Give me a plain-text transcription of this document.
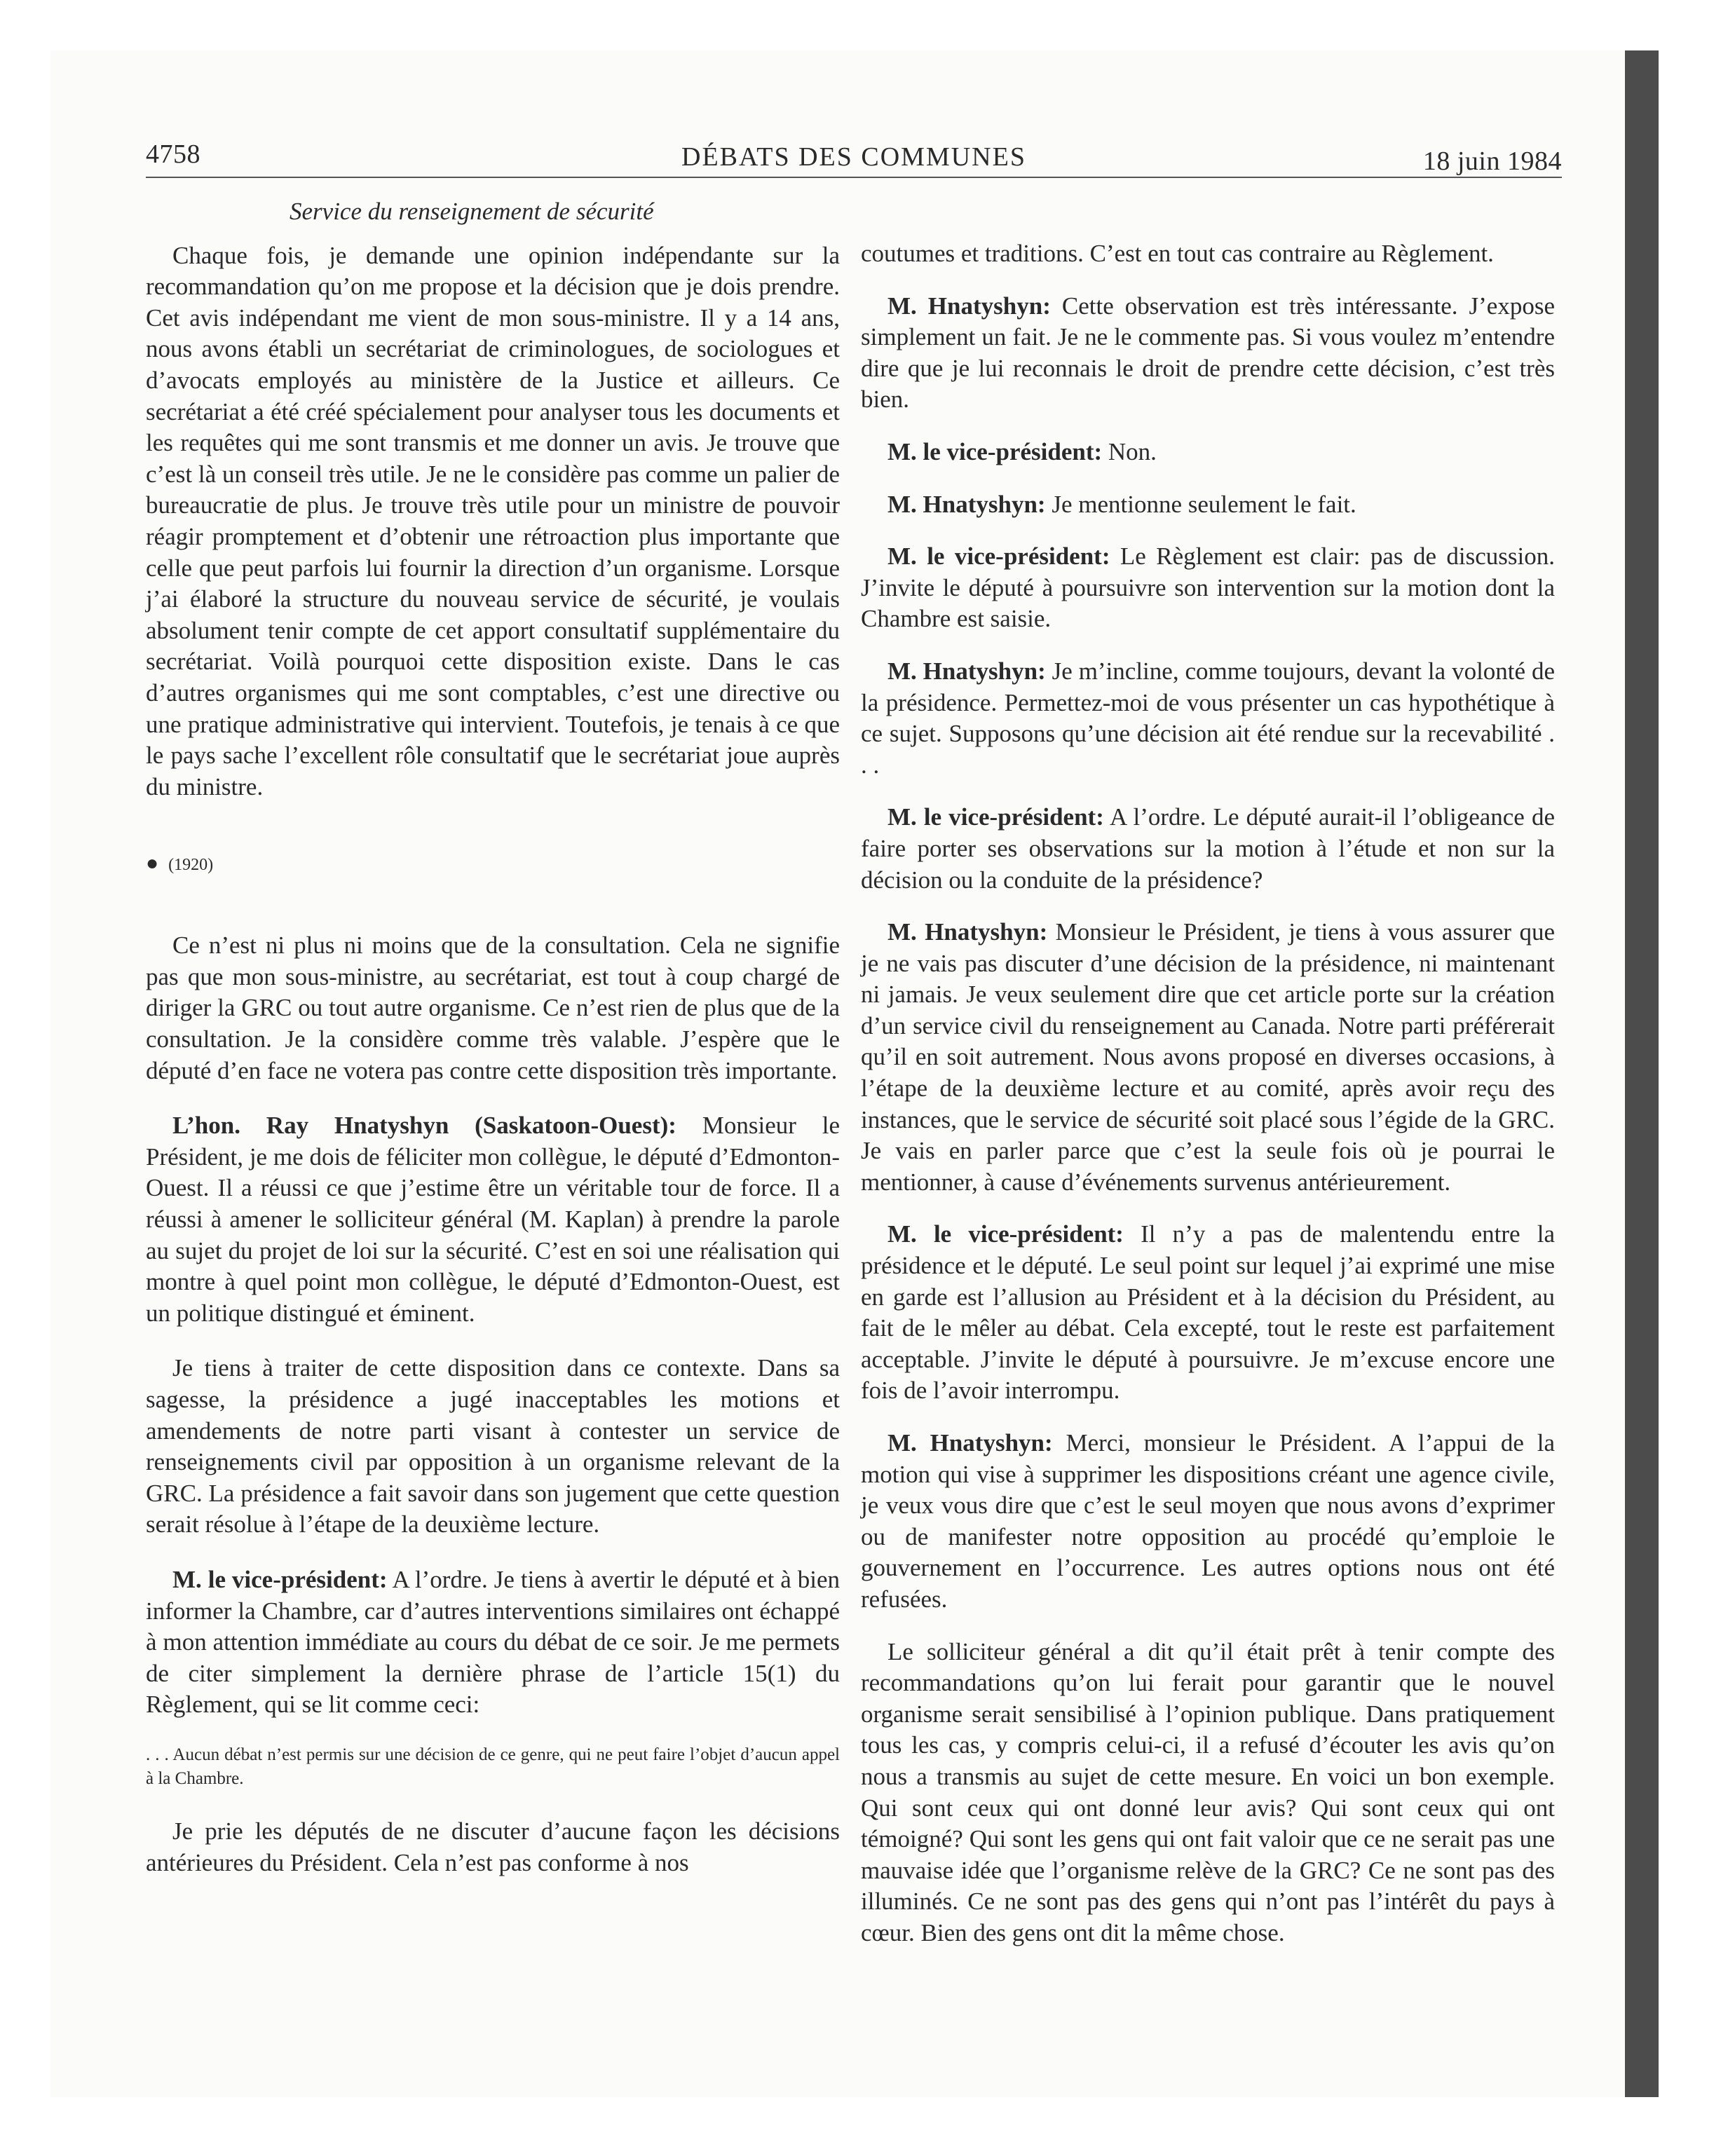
4758	DÉBATS DES COMMUNES	18 juin 1984
Service du renseignement de sécurité

Chaque fois, je demande une opinion indépendante sur la recommandation qu’on me propose et la décision que je dois prendre. Cet avis indépendant me vient de mon sous-ministre. Il y a 14 ans, nous avons établi un secrétariat de criminologues, de sociologues et d’avocats employés au ministère de la Justice et ailleurs. Ce secrétariat a été créé spécialement pour analyser tous les documents et les requêtes qui me sont transmis et me donner un avis. Je trouve que c’est là un conseil très utile. Je ne le considère pas comme un palier de bureaucratie de plus. Je trouve très utile pour un ministre de pouvoir réagir promptement et d’obtenir une rétroaction plus importante que celle que peut parfois lui fournir la direction d’un organisme. Lorsque j’ai élaboré la structure du nouveau service de sécurité, je voulais absolument tenir compte de cet apport consultatif supplémentaire du secrétariat. Voilà pourquoi cette disposition existe. Dans le cas d’autres organismes qui me sont comptables, c’est une directive ou une pratique administrative qui intervient. Toutefois, je tenais à ce que le pays sache l’excellent rôle consultatif que le secrétariat joue auprès du ministre.

● (1920)

Ce n’est ni plus ni moins que de la consultation. Cela ne signifie pas que mon sous-ministre, au secrétariat, est tout à coup chargé de diriger la GRC ou tout autre organisme. Ce n’est rien de plus que de la consultation. Je la considère comme très valable. J’espère que le député d’en face ne votera pas contre cette disposition très importante.

L’hon. Ray Hnatyshyn (Saskatoon-Ouest): Monsieur le Président, je me dois de féliciter mon collègue, le député d’Edmonton-Ouest. Il a réussi ce que j’estime être un véritable tour de force. Il a réussi à amener le solliciteur général (M. Kaplan) à prendre la parole au sujet du projet de loi sur la sécurité. C’est en soi une réalisation qui montre à quel point mon collègue, le député d’Edmonton-Ouest, est un politique distingué et éminent.

Je tiens à traiter de cette disposition dans ce contexte. Dans sa sagesse, la présidence a jugé inacceptables les motions et amendements de notre parti visant à contester un service de renseignements civil par opposition à un organisme relevant de la GRC. La présidence a fait savoir dans son jugement que cette question serait résolue à l’étape de la deuxième lecture.

M. le vice-président: A l’ordre. Je tiens à avertir le député et à bien informer la Chambre, car d’autres interventions similaires ont échappé à mon attention immédiate au cours du débat de ce soir. Je me permets de citer simplement la dernière phrase de l’article 15(1) du Règlement, qui se lit comme ceci:

. . . Aucun débat n’est permis sur une décision de ce genre, qui ne peut faire l’objet d’aucun appel à la Chambre.

Je prie les députés de ne discuter d’aucune façon les décisions antérieures du Président. Cela n’est pas conforme à nos

coutumes et traditions. C’est en tout cas contraire au Règlement.

M. Hnatyshyn: Cette observation est très intéressante. J’expose simplement un fait. Je ne le commente pas. Si vous voulez m’entendre dire que je lui reconnais le droit de prendre cette décision, c’est très bien.

M. le vice-président: Non.

M. Hnatyshyn: Je mentionne seulement le fait.

M. le vice-président: Le Règlement est clair: pas de discussion. J’invite le député à poursuivre son intervention sur la motion dont la Chambre est saisie.

M. Hnatyshyn: Je m’incline, comme toujours, devant la volonté de la présidence. Permettez-moi de vous présenter un cas hypothétique à ce sujet. Supposons qu’une décision ait été rendue sur la recevabilité . . .

M. le vice-président: A l’ordre. Le député aurait-il l’obligeance de faire porter ses observations sur la motion à l’étude et non sur la décision ou la conduite de la présidence?

M. Hnatyshyn: Monsieur le Président, je tiens à vous assurer que je ne vais pas discuter d’une décision de la présidence, ni maintenant ni jamais. Je veux seulement dire que cet article porte sur la création d’un service civil du renseignement au Canada. Notre parti préférerait qu’il en soit autrement. Nous avons proposé en diverses occasions, à l’étape de la deuxième lecture et au comité, après avoir reçu des instances, que le service de sécurité soit placé sous l’égide de la GRC. Je vais en parler parce que c’est la seule fois où je pourrai le mentionner, à cause d’événements survenus antérieurement.

M. le vice-président: Il n’y a pas de malentendu entre la présidence et le député. Le seul point sur lequel j’ai exprimé une mise en garde est l’allusion au Président et à la décision du Président, au fait de le mêler au débat. Cela excepté, tout le reste est parfaitement acceptable. J’invite le député à poursuivre. Je m’excuse encore une fois de l’avoir interrompu.

M. Hnatyshyn: Merci, monsieur le Président. A l’appui de la motion qui vise à supprimer les dispositions créant une agence civile, je veux vous dire que c’est le seul moyen que nous avons d’exprimer ou de manifester notre opposition au procédé qu’emploie le gouvernement en l’occurrence. Les autres options nous ont été refusées.

Le solliciteur général a dit qu’il était prêt à tenir compte des recommandations qu’on lui ferait pour garantir que le nouvel organisme serait sensibilisé à l’opinion publique. Dans pratiquement tous les cas, y compris celui-ci, il a refusé d’écouter les avis qu’on nous a transmis au sujet de cette mesure. En voici un bon exemple. Qui sont ceux qui ont donné leur avis? Qui sont ceux qui ont témoigné? Qui sont les gens qui ont fait valoir que ce ne serait pas une mauvaise idée que l’organisme relève de la GRC? Ce ne sont pas des illuminés. Ce ne sont pas des gens qui n’ont pas l’intérêt du pays à cœur. Bien des gens ont dit la même chose.
